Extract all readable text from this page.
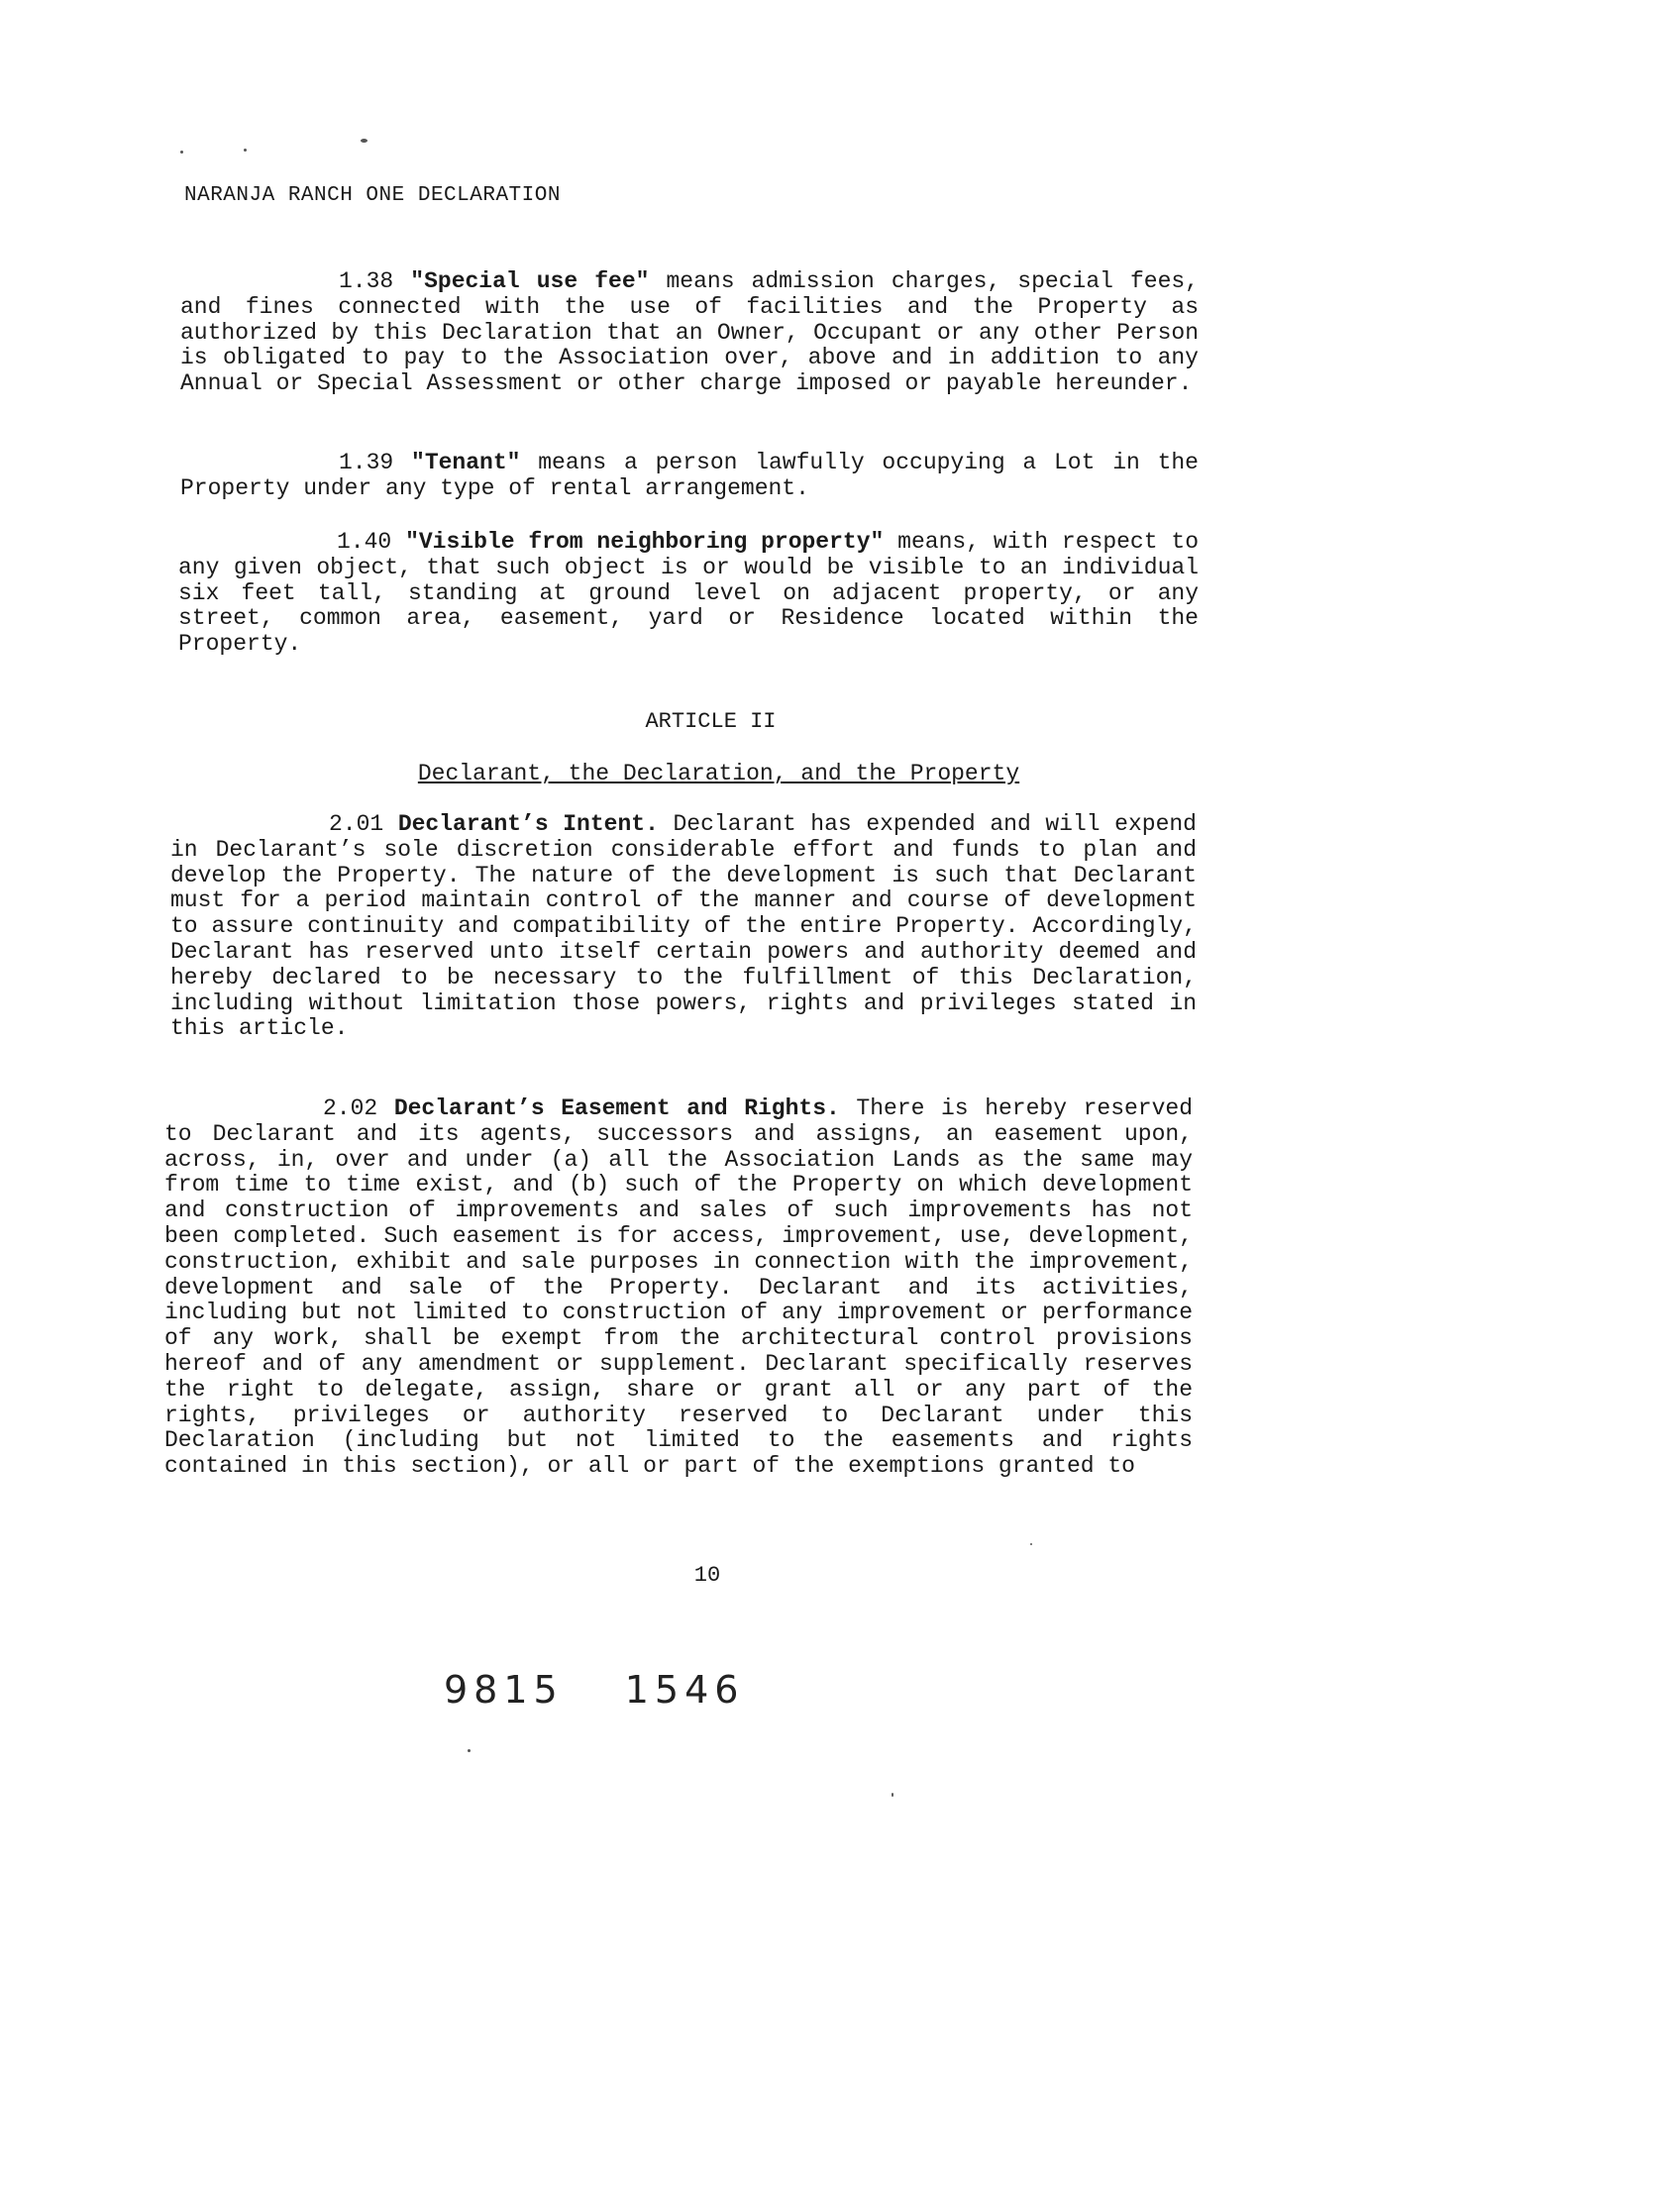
NARANJA RANCH ONE DECLARATION

1.38 "Special use fee" means admission charges, special fees, and fines connected with the use of facilities and the Property as authorized by this Declaration that an Owner, Occupant or any other Person is obligated to pay to the Association over, above and in addition to any Annual or Special Assessment or other charge imposed or payable hereunder.

1.39 "Tenant" means a person lawfully occupying a Lot in the Property under any type of rental arrangement.

1.40 "Visible from neighboring property" means, with respect to any given object, that such object is or would be visible to an individual six feet tall, standing at ground level on adjacent property, or any street, common area, easement, yard or Residence located within the Property.

ARTICLE II
Declarant, the Declaration, and the Property

2.01 Declarant’s Intent. Declarant has expended and will expend in Declarant’s sole discretion considerable effort and funds to plan and develop the Property. The nature of the development is such that Declarant must for a period maintain control of the manner and course of development to assure continuity and compatibility of the entire Property. Accordingly, Declarant has reserved unto itself certain powers and authority deemed and hereby declared to be necessary to the fulfillment of this Declaration, including without limitation those powers, rights and privileges stated in this article.

2.02 Declarant’s Easement and Rights. There is hereby reserved to Declarant and its agents, successors and assigns, an easement upon, across, in, over and under (a) all the Association Lands as the same may from time to time exist, and (b) such of the Property on which development and construction of improvements and sales of such improvements has not been completed. Such easement is for access, improvement, use, development, construction, exhibit and sale purposes in connection with the improvement, development and sale of the Property. Declarant and its activities, including but not limited to construction of any improvement or performance of any work, shall be exempt from the architectural control provisions hereof and of any amendment or supplement. Declarant specifically reserves the right to delegate, assign, share or grant all or any part of the rights, privileges or authority reserved to Declarant under this Declaration (including but not limited to the easements and rights contained in this section), or all or part of the exemptions granted to

10
9815 1546
